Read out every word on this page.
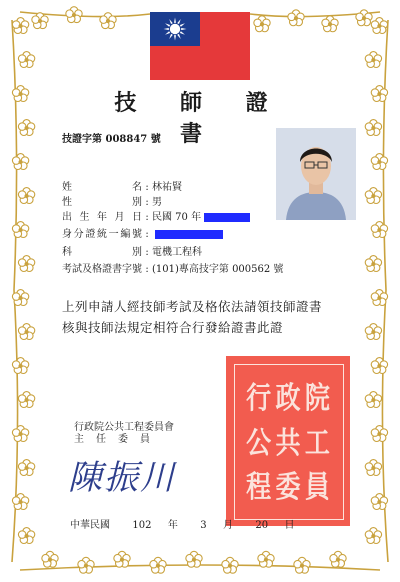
技 師 證 書
技證字第 008847 號
姓名 : 林祐賢
性別 : 男
出生年月日 : 民國 70 年
身分證統一編號 :
科別 : 電機工程科
考試及格證書字號 : (101)專高技字第 000562 號
上列申請人經技師考試及格依法請領技師證書
核與技師法規定相符合行發給證書此證
行 政 院
公 共 工
程 委 員
行政院公共工程委員會
主任委員
陳振川
中華民國 102 年 3 月 20 日
